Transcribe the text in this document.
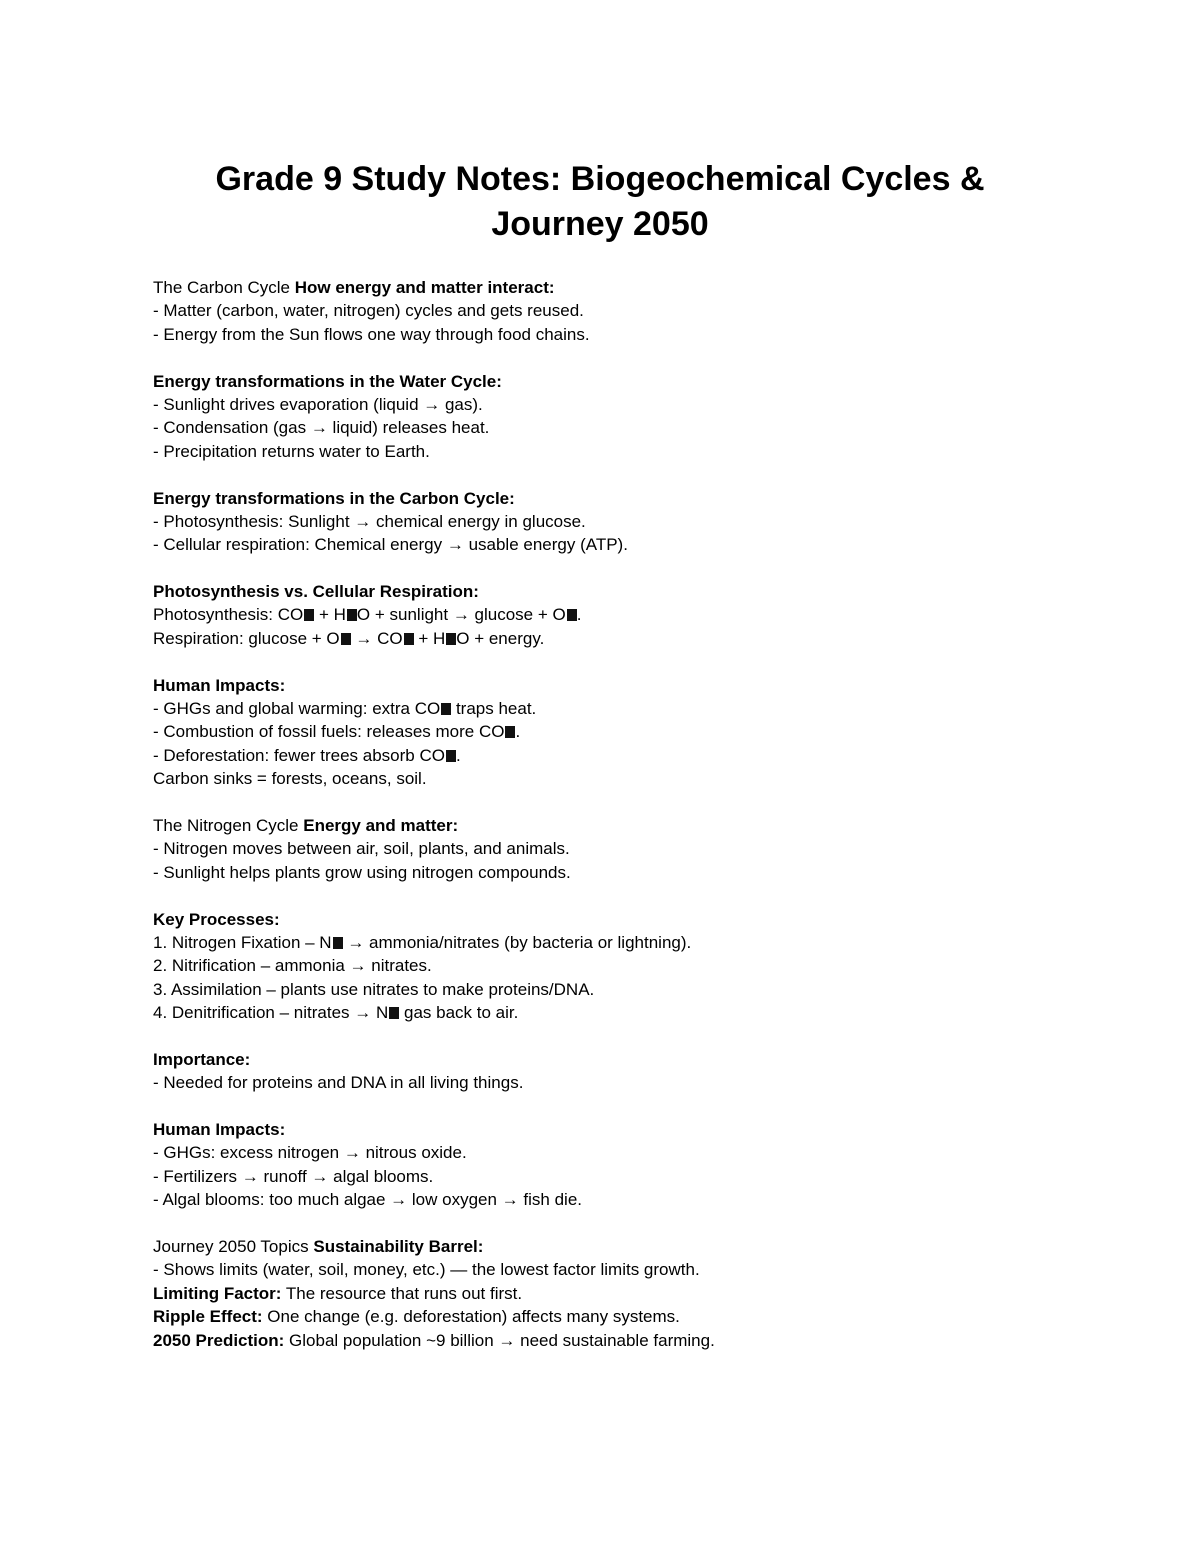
Grade 9 Study Notes: Biogeochemical Cycles &
Journey 2050
The Carbon Cycle How energy and matter interact:
- Matter (carbon, water, nitrogen) cycles and gets reused.
- Energy from the Sun flows one way through food chains.
Energy transformations in the Water Cycle:
- Sunlight drives evaporation (liquid → gas).
- Condensation (gas → liquid) releases heat.
- Precipitation returns water to Earth.
Energy transformations in the Carbon Cycle:
- Photosynthesis: Sunlight → chemical energy in glucose.
- Cellular respiration: Chemical energy → usable energy (ATP).
Photosynthesis vs. Cellular Respiration:
Photosynthesis: CO + H O + sunlight → glucose + O .
Respiration: glucose + O → CO + H O + energy.
Human Impacts:
- GHGs and global warming: extra CO traps heat.
- Combustion of fossil fuels: releases more CO .
- Deforestation: fewer trees absorb CO .
Carbon sinks = forests, oceans, soil.
The Nitrogen Cycle Energy and matter:
- Nitrogen moves between air, soil, plants, and animals.
- Sunlight helps plants grow using nitrogen compounds.
Key Processes:
1. Nitrogen Fixation – N → ammonia/nitrates (by bacteria or lightning).
2. Nitrification – ammonia → nitrates.
3. Assimilation – plants use nitrates to make proteins/DNA.
4. Denitrification – nitrates → N gas back to air.
Importance:
- Needed for proteins and DNA in all living things.
Human Impacts:
- GHGs: excess nitrogen → nitrous oxide.
- Fertilizers → runoff → algal blooms.
- Algal blooms: too much algae → low oxygen → fish die.
Journey 2050 Topics Sustainability Barrel:
- Shows limits (water, soil, money, etc.) — the lowest factor limits growth.
Limiting Factor: The resource that runs out first.
Ripple Effect: One change (e.g. deforestation) affects many systems.
2050 Prediction: Global population ~9 billion → need sustainable farming.
